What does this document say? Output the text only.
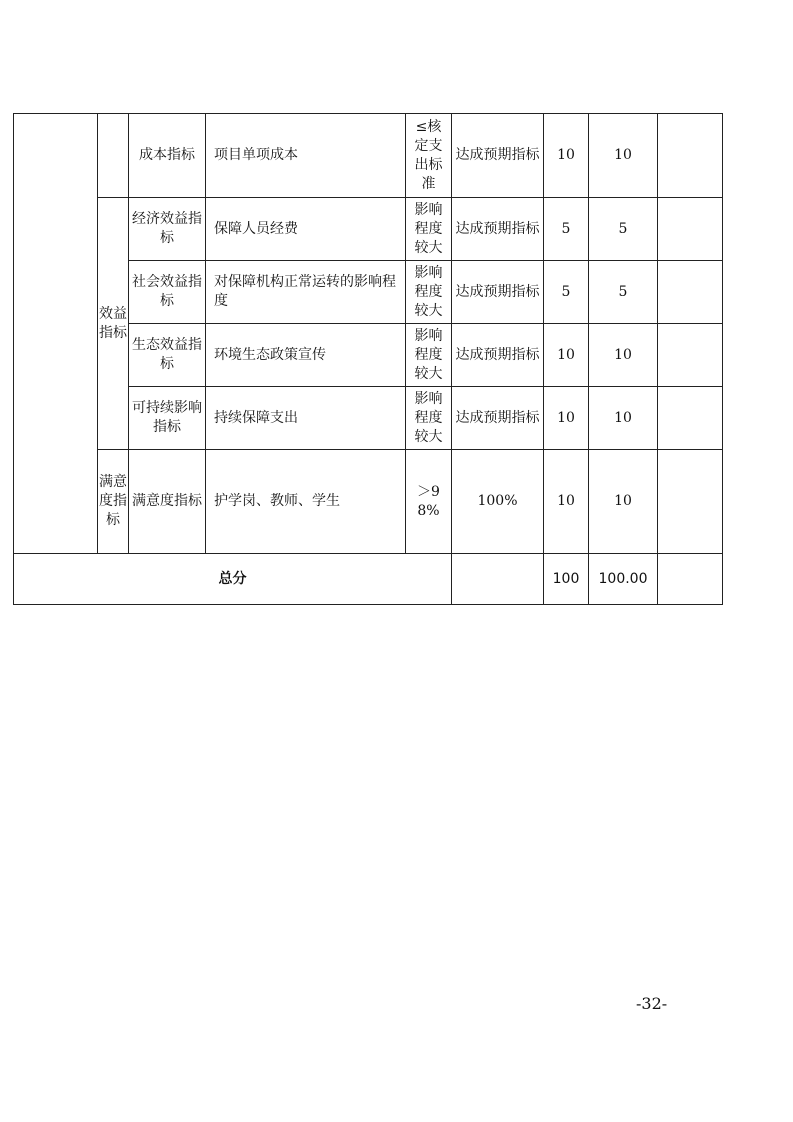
		成本指标	项目单项成本	≤核定支出标准	达成预期指标	10	10	

	效益指标	经济效益指标	保障人员经费	影响程度较大	达成预期指标	5	5	
		社会效益指标	对保障机构正常运转的影响程度	影响程度较大	达成预期指标	5	5	
		生态效益指标	环境生态政策宣传	影响程度较大	达成预期指标	10	10	
		可持续影响指标	持续保障支出	影响程度较大	达成预期指标	10	10	

	满意度指标	满意度指标	护学岗、教师、学生	＞98%	100%	10	10	
总分						100	100.00	
-32-
